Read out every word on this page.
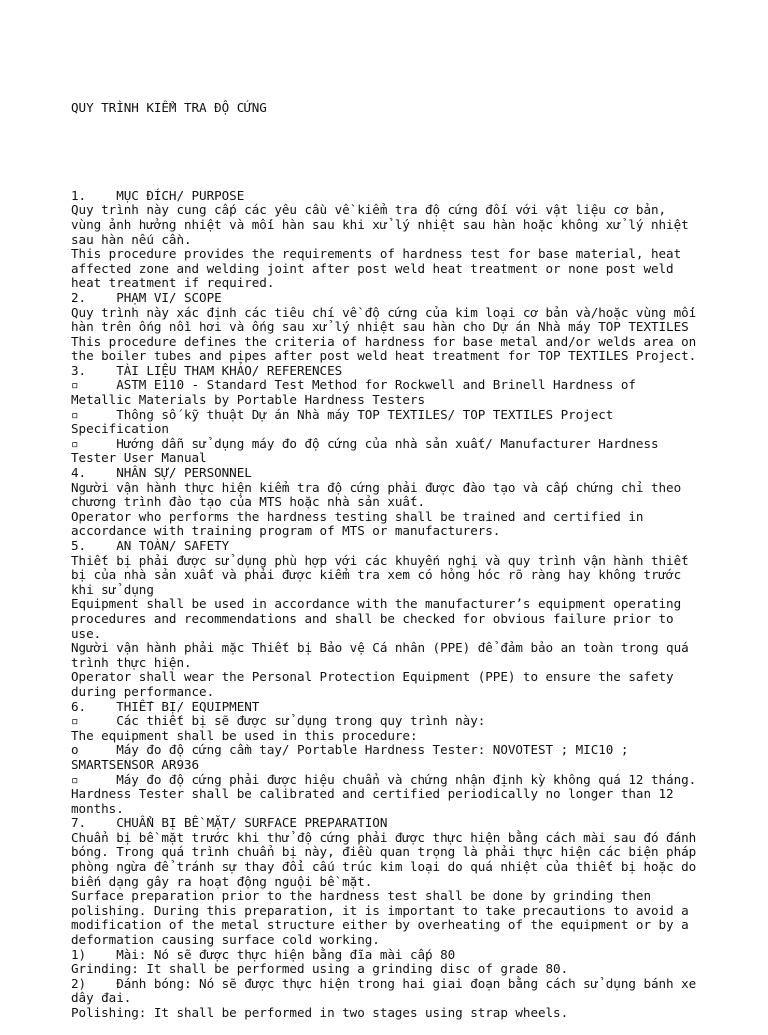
QUY TRÌNH KIỂM TRA ĐỘ CỨNG

1.    MỤC ĐÍCH/ PURPOSE
Quy trình này cung cấp các yêu cầu về kiểm tra độ cứng đối với vật liệu cơ bản,
vùng ảnh hưởng nhiệt và mối hàn sau khi xử lý nhiệt sau hàn hoặc không xử lý nhiệt
sau hàn nếu cần.
This procedure provides the requirements of hardness test for base material, heat
affected zone and welding joint after post weld heat treatment or none post weld
heat treatment if required.
2.    PHẠM VI/ SCOPE
Quy trình này xác định các tiêu chí về độ cứng của kim loại cơ bản và/hoặc vùng mối
hàn trên ống nồi hơi và ống sau xử lý nhiệt sau hàn cho Dự án Nhà máy TOP TEXTILES
This procedure defines the criteria of hardness for base metal and/or welds area on
the boiler tubes and pipes after post weld heat treatment for TOP TEXTILES Project.
3.    TÀI LIỆU THAM KHẢO/ REFERENCES
▫     ASTM E110 - Standard Test Method for Rockwell and Brinell Hardness of
Metallic Materials by Portable Hardness Testers
▫     Thông số kỹ thuật Dự án Nhà máy TOP TEXTILES/ TOP TEXTILES Project
Specification
▫     Hướng dẫn sử dụng máy đo độ cứng của nhà sản xuất/ Manufacturer Hardness
Tester User Manual
4.    NHÂN SỰ/ PERSONNEL
Người vận hành thực hiện kiểm tra độ cứng phải được đào tạo và cấp chứng chỉ theo
chương trình đào tạo của MTS hoặc nhà sản xuất.
Operator who performs the hardness testing shall be trained and certified in
accordance with training program of MTS or manufacturers.
5.    AN TOÀN/ SAFETY
Thiết bị phải được sử dụng phù hợp với các khuyến nghị và quy trình vận hành thiết
bị của nhà sản xuất và phải được kiểm tra xem có hỏng hóc rõ ràng hay không trước
khi sử dụng
Equipment shall be used in accordance with the manufacturer’s equipment operating
procedures and recommendations and shall be checked for obvious failure prior to
use.
Người vận hành phải mặc Thiết bị Bảo vệ Cá nhân (PPE) để đảm bảo an toàn trong quá
trình thực hiện.
Operator shall wear the Personal Protection Equipment (PPE) to ensure the safety
during performance.
6.    THIẾT BỊ/ EQUIPMENT
▫     Các thiết bị sẽ được sử dụng trong quy trình này:
The equipment shall be used in this procedure:
o     Máy đo độ cứng cầm tay/ Portable Hardness Tester: NOVOTEST ; MIC10 ;
SMARTSENSOR AR936
▫     Máy đo độ cứng phải được hiệu chuẩn và chứng nhận định kỳ không quá 12 tháng.
Hardness Tester shall be calibrated and certified periodically no longer than 12
months.
7.    CHUẨN BỊ BỀ MẶT/ SURFACE PREPARATION
Chuẩn bị bề mặt trước khi thử độ cứng phải được thực hiện bằng cách mài sau đó đánh
bóng. Trong quá trình chuẩn bị này, điều quan trọng là phải thực hiện các biện pháp
phòng ngừa để tránh sự thay đổi cấu trúc kim loại do quá nhiệt của thiết bị hoặc do
biến dạng gây ra hoạt động nguội bề mặt.
Surface preparation prior to the hardness test shall be done by grinding then
polishing. During this preparation, it is important to take precautions to avoid a
modification of the metal structure either by overheating of the equipment or by a
deformation causing surface cold working.
1)    Mài: Nó sẽ được thực hiện bằng đĩa mài cấp 80
Grinding: It shall be performed using a grinding disc of grade 80.
2)    Đánh bóng: Nó sẽ được thực hiện trong hai giai đoạn bằng cách sử dụng bánh xe
dây đai.
Polishing: It shall be performed in two stages using strap wheels.
